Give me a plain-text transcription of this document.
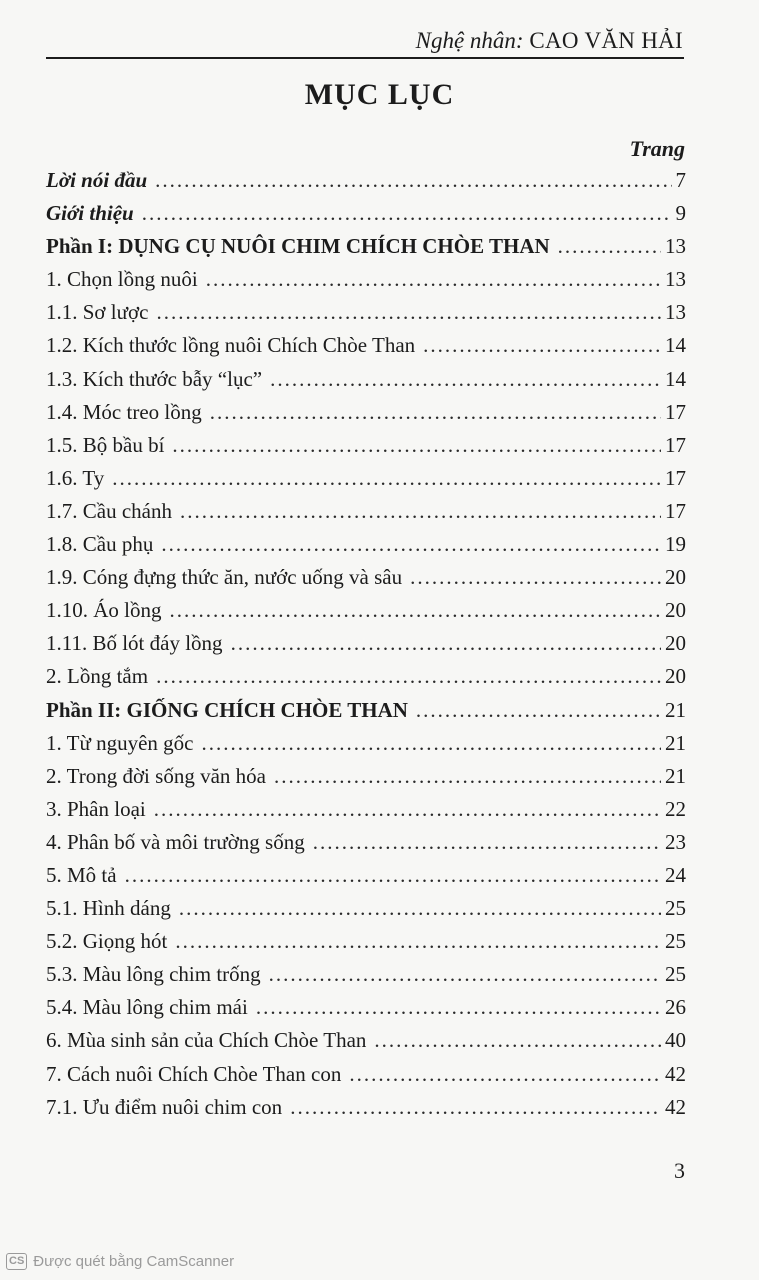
Nghệ nhân: CAO VĂN HẢI
MỤC LỤC
Trang
Lời nói đầu .....	7
Giới thiệu .....	9
Phần I: DỤNG CỤ NUÔI CHIM CHÍCH CHÒE THAN .....	13
1. Chọn lồng nuôi .....	13
1.1. Sơ lược .....	13
1.2. Kích thước lồng nuôi Chích Chòe Than .....	14
1.3. Kích thước bẫy “lục” .....	14
1.4. Móc treo lồng .....	17
1.5. Bộ bầu bí .....	17
1.6. Ty .....	17
1.7. Cầu chánh .....	17
1.8. Cầu phụ .....	19
1.9. Cóng đựng thức ăn, nước uống và sâu .....	20
1.10. Áo lồng .....	20
1.11. Bố lót đáy lồng .....	20
2. Lồng tắm .....	20
Phần II: GIỐNG CHÍCH CHÒE THAN .....	21
1. Từ nguyên gốc .....	21
2. Trong đời sống văn hóa .....	21
3. Phân loại .....	22
4. Phân bố và môi trường sống .....	23
5. Mô tả .....	24
5.1. Hình dáng .....	25
5.2. Giọng hót .....	25
5.3. Màu lông chim trống .....	25
5.4. Màu lông chim mái .....	26
6. Mùa sinh sản của Chích Chòe Than .....	40
7. Cách nuôi Chích Chòe Than con .....	42
7.1. Ưu điểm nuôi chim con .....	42
3
CS Được quét bằng CamScanner
